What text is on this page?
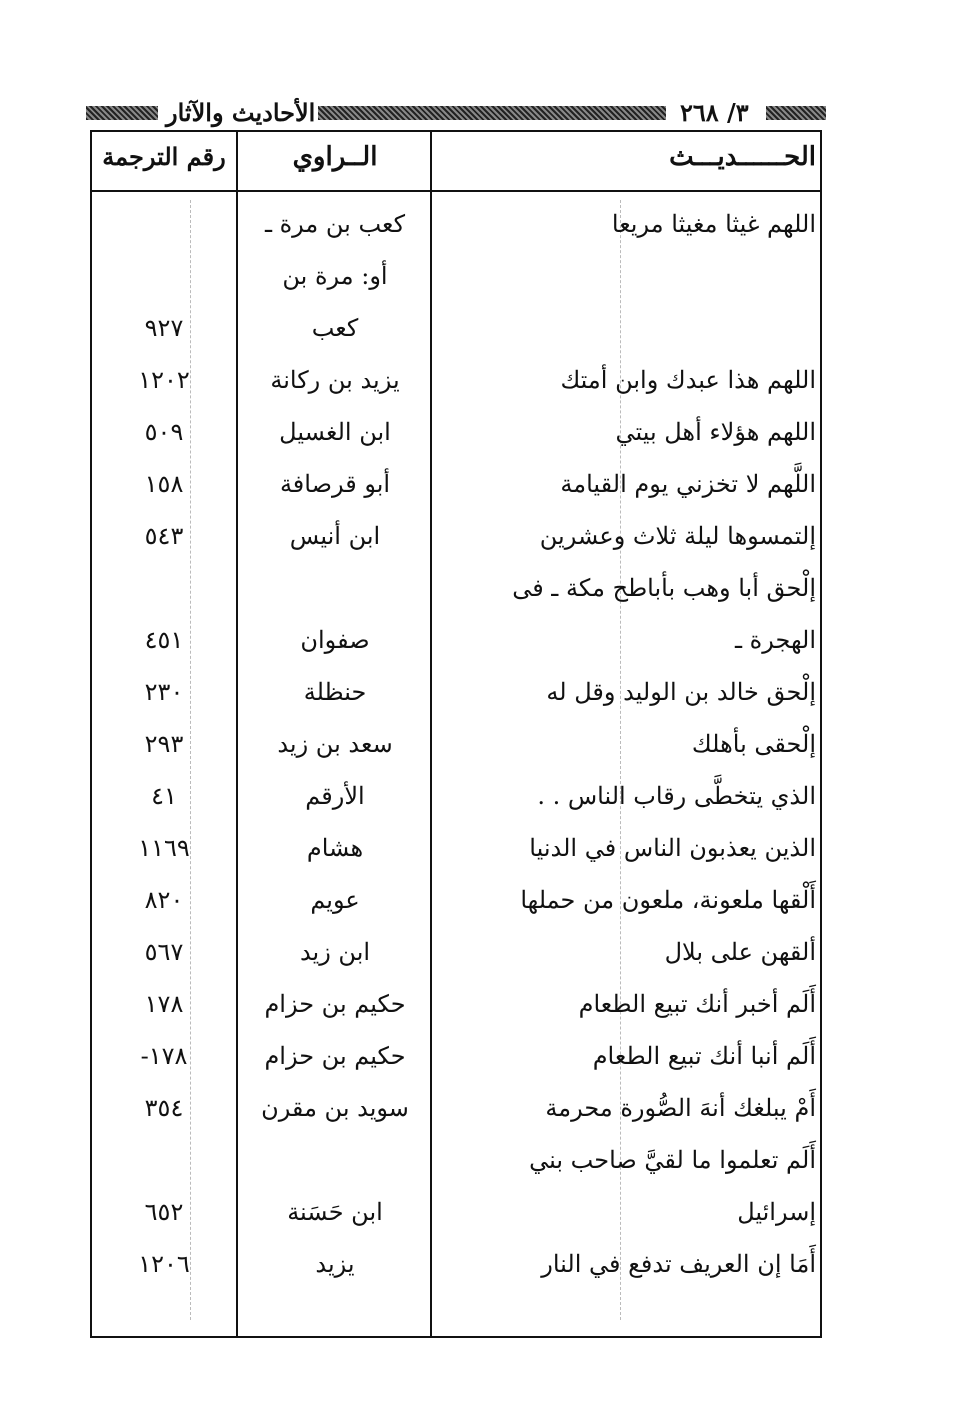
الأحاديث والآثار	٣/ ٢٦٨
الحــــــديـــث
الــراوي
رقم الترجمة
اللهم غيثا مغيثا مريعا
كعب بن مرة ـ
أو: مرة بن
كعب
٩٢٧
اللهم هذا عبدك وابن أمتك
يزيد بن ركانة
١٢٠٢
اللهم هؤلاء أهل بيتي
ابن الغسيل
٥٠٩
اللَّهم لا تخزني يوم القيامة
أبو قرصافة
١٥٨
إلتمسوها ليلة ثلاث وعشرين
ابن أنيس
٥٤٣
إلْحق أبا وهب بأباطح مكة ـ فى
الهجرة ـ
صفوان
٤٥١
إلْحق خالد بن الوليد وقل له
حنظلة
٢٣٠
إلْحقى بأهلك
سعد بن زيد
٢٩٣
الذي يتخطَّى رقاب الناس . .
الأرقم
٤١
الذين يعذبون الناس في الدنيا
هشام
١١٦٩
أَلْقها ملعونة، ملعون من حملها
عويم
٨٢٠
ألقهن على بلال
ابن زيد
٥٦٧
أَلَم أخبر أنك تبيع الطعام
حكيم بن حزام
١٧٨
أَلَم أنبا أنك تبيع الطعام
حكيم بن حزام
-١٧٨
أَمْ يبلغك أنهَ الصُّورة محرمة
سويد بن مقرن
٣٥٤
أَلَم تعلموا ما لقيَّ صاحب بني
إسرائيل
ابن حَسَنة
٦٥٢
أَمَا إن العريف تدفع في النار
يزيد
١٢٠٦
